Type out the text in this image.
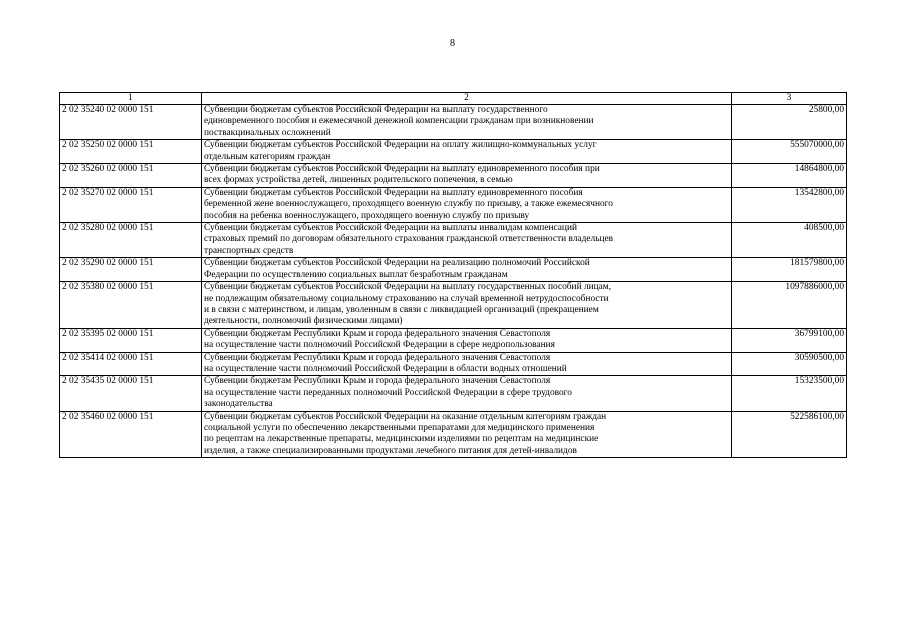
8
1	2	3
2 02 35240 02 0000 151	Субвенции бюджетам субъектов Российской Федерации на выплату государственного
единовременного пособия и ежемесячной денежной компенсации гражданам при возникновении
поствакцинальных осложнений	25800,00
2 02 35250 02 0000 151	Субвенции бюджетам субъектов Российской Федерации на оплату жилищно-коммунальных услуг
отдельным категориям граждан	555070000,00
2 02 35260 02 0000 151	Субвенции бюджетам субъектов Российской Федерации на выплату единовременного пособия при
всех формах устройства детей, лишенных родительского попечения, в семью	14864800,00
2 02 35270 02 0000 151	Субвенции бюджетам субъектов Российской Федерации на выплату единовременного пособия
беременной жене военнослужащего, проходящего военную службу по призыву, а также ежемесячного
пособия на ребенка военнослужащего, проходящего военную службу по призыву	13542800,00
2 02 35280 02 0000 151	Субвенции бюджетам субъектов Российской Федерации на выплаты инвалидам компенсаций
страховых премий по договорам обязательного страхования гражданской ответственности владельцев
транспортных средств	408500,00
2 02 35290 02 0000 151	Субвенции бюджетам субъектов Российской Федерации на реализацию полномочий Российской
Федерации по осуществлению социальных выплат безработным гражданам	181579800,00
2 02 35380 02 0000 151	Субвенции бюджетам субъектов Российской Федерации на выплату государственных пособий лицам,
не подлежащим обязательному социальному страхованию на случай временной нетрудоспособности
и в связи с материнством, и лицам, уволенным в связи с ликвидацией организаций (прекращением
деятельности, полномочий физическими лицами)	1097886000,00
2 02 35395 02 0000 151	Субвенции бюджетам Республики Крым и города федерального значения Севастополя
на осуществление части полномочий Российской Федерации в сфере недропользования	36799100,00
2 02 35414 02 0000 151	Субвенции бюджетам Республики Крым и города федерального значения Севастополя
на осуществление части полномочий Российской Федерации в области водных отношений	30590500,00
2 02 35435 02 0000 151	Субвенции бюджетам Республики Крым и города федерального значения Севастополя
на осуществление части переданных полномочий Российской Федерации в сфере трудового
законодательства	15323500,00
2 02 35460 02 0000 151	Субвенции бюджетам субъектов Российской Федерации на оказание отдельным категориям граждан
социальной услуги по обеспечению лекарственными препаратами для медицинского применения
по рецептам на лекарственные препараты, медицинскими изделиями по рецептам на медицинские
изделия, а также специализированными продуктами лечебного питания для детей-инвалидов	522586100,00
